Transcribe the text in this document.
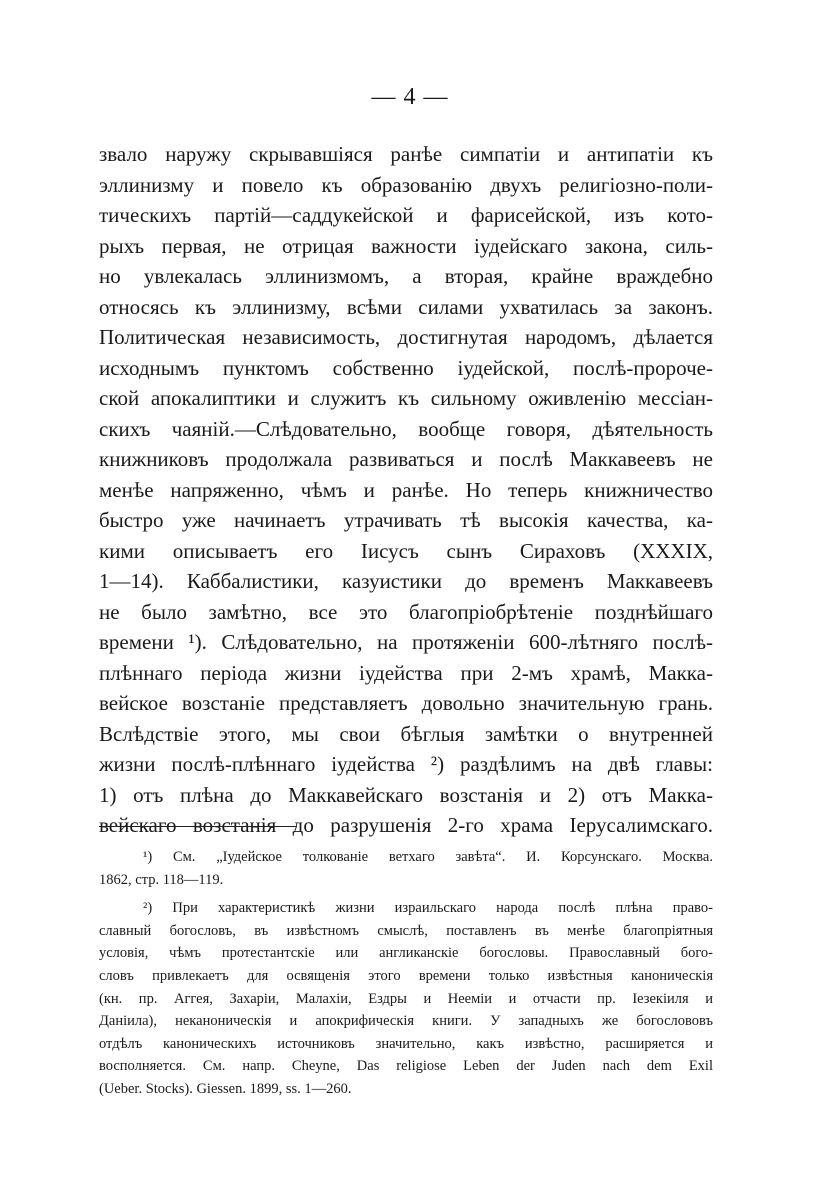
— 4 —
звало наружу скрывавшіяся ранѣе симпатіи и антипатіи къ
эллинизму и повело къ образованію двухъ религіозно-поли-
тическихъ партій—саддукейской и фарисейской, изъ кото-
рыхъ первая, не отрицая важности іудейскаго закона, силь-
но увлекалась эллинизмомъ, а вторая, крайне враждебно
относясь къ эллинизму, всѣми силами ухватилась за законъ.
Политическая независимость, достигнутая народомъ, дѣлается
исходнымъ пунктомъ собственно іудейской, послѣ-пророче-
ской апокалиптики и служитъ къ сильному оживленію мессіан-
скихъ чаяній.—Слѣдовательно, вообще говоря, дѣятельность
книжниковъ продолжала развиваться и послѣ Маккавеевъ не
менѣе напряженно, чѣмъ и ранѣе. Но теперь книжничество
быстро уже начинаетъ утрачивать тѣ высокія качества, ка-
кими описываетъ его Іисусъ сынъ Сираховъ (XXXIX,
1—14). Каббалистики, казуистики до временъ Маккавеевъ
не было замѣтно, все это благопріобрѣтеніе позднѣйшаго
времени ¹). Слѣдовательно, на протяженіи 600-лѣтняго послѣ-
плѣннаго періода жизни іудейства при 2-мъ храмѣ, Макка-
вейское возстаніе представляетъ довольно значительную грань.
Вслѣдствіе этого, мы свои бѣглыя замѣтки о внутренней
жизни послѣ-плѣннаго іудейства ²) раздѣлимъ на двѣ главы:
1) отъ плѣна до Маккавейскаго возстанія и 2) отъ Макка-
вейскаго возстанія до разрушенія 2-го храма Іерусалимскаго.
¹) См. „Іудейское толкованіе ветхаго завѣта“. И. Корсунскаго. Москва.
1862, стр. 118—119.
²) При характеристикѣ жизни израильскаго народа послѣ плѣна право-
славный богословъ, въ извѣстномъ смыслѣ, поставленъ въ менѣе благопріятныя
условія, чѣмъ протестантскіе или англиканскіе богословы. Православный бого-
словъ привлекаетъ для освященія этого времени только извѣстныя каноническія
(кн. пр. Аггея, Захаріи, Малахіи, Ездры и Нееміи и отчасти пр. Іезекіиля и
Даніила), неканоническія и апокрифическія книги. У западныхъ же богослововъ
отдѣлъ каноническихъ источниковъ значительно, какъ извѣстно, расширяется и
восполняется. См. напр. Cheyne, Das religiose Leben der Juden nach dem Exil
(Ueber. Stocks). Giessen. 1899, ss. 1—260.
